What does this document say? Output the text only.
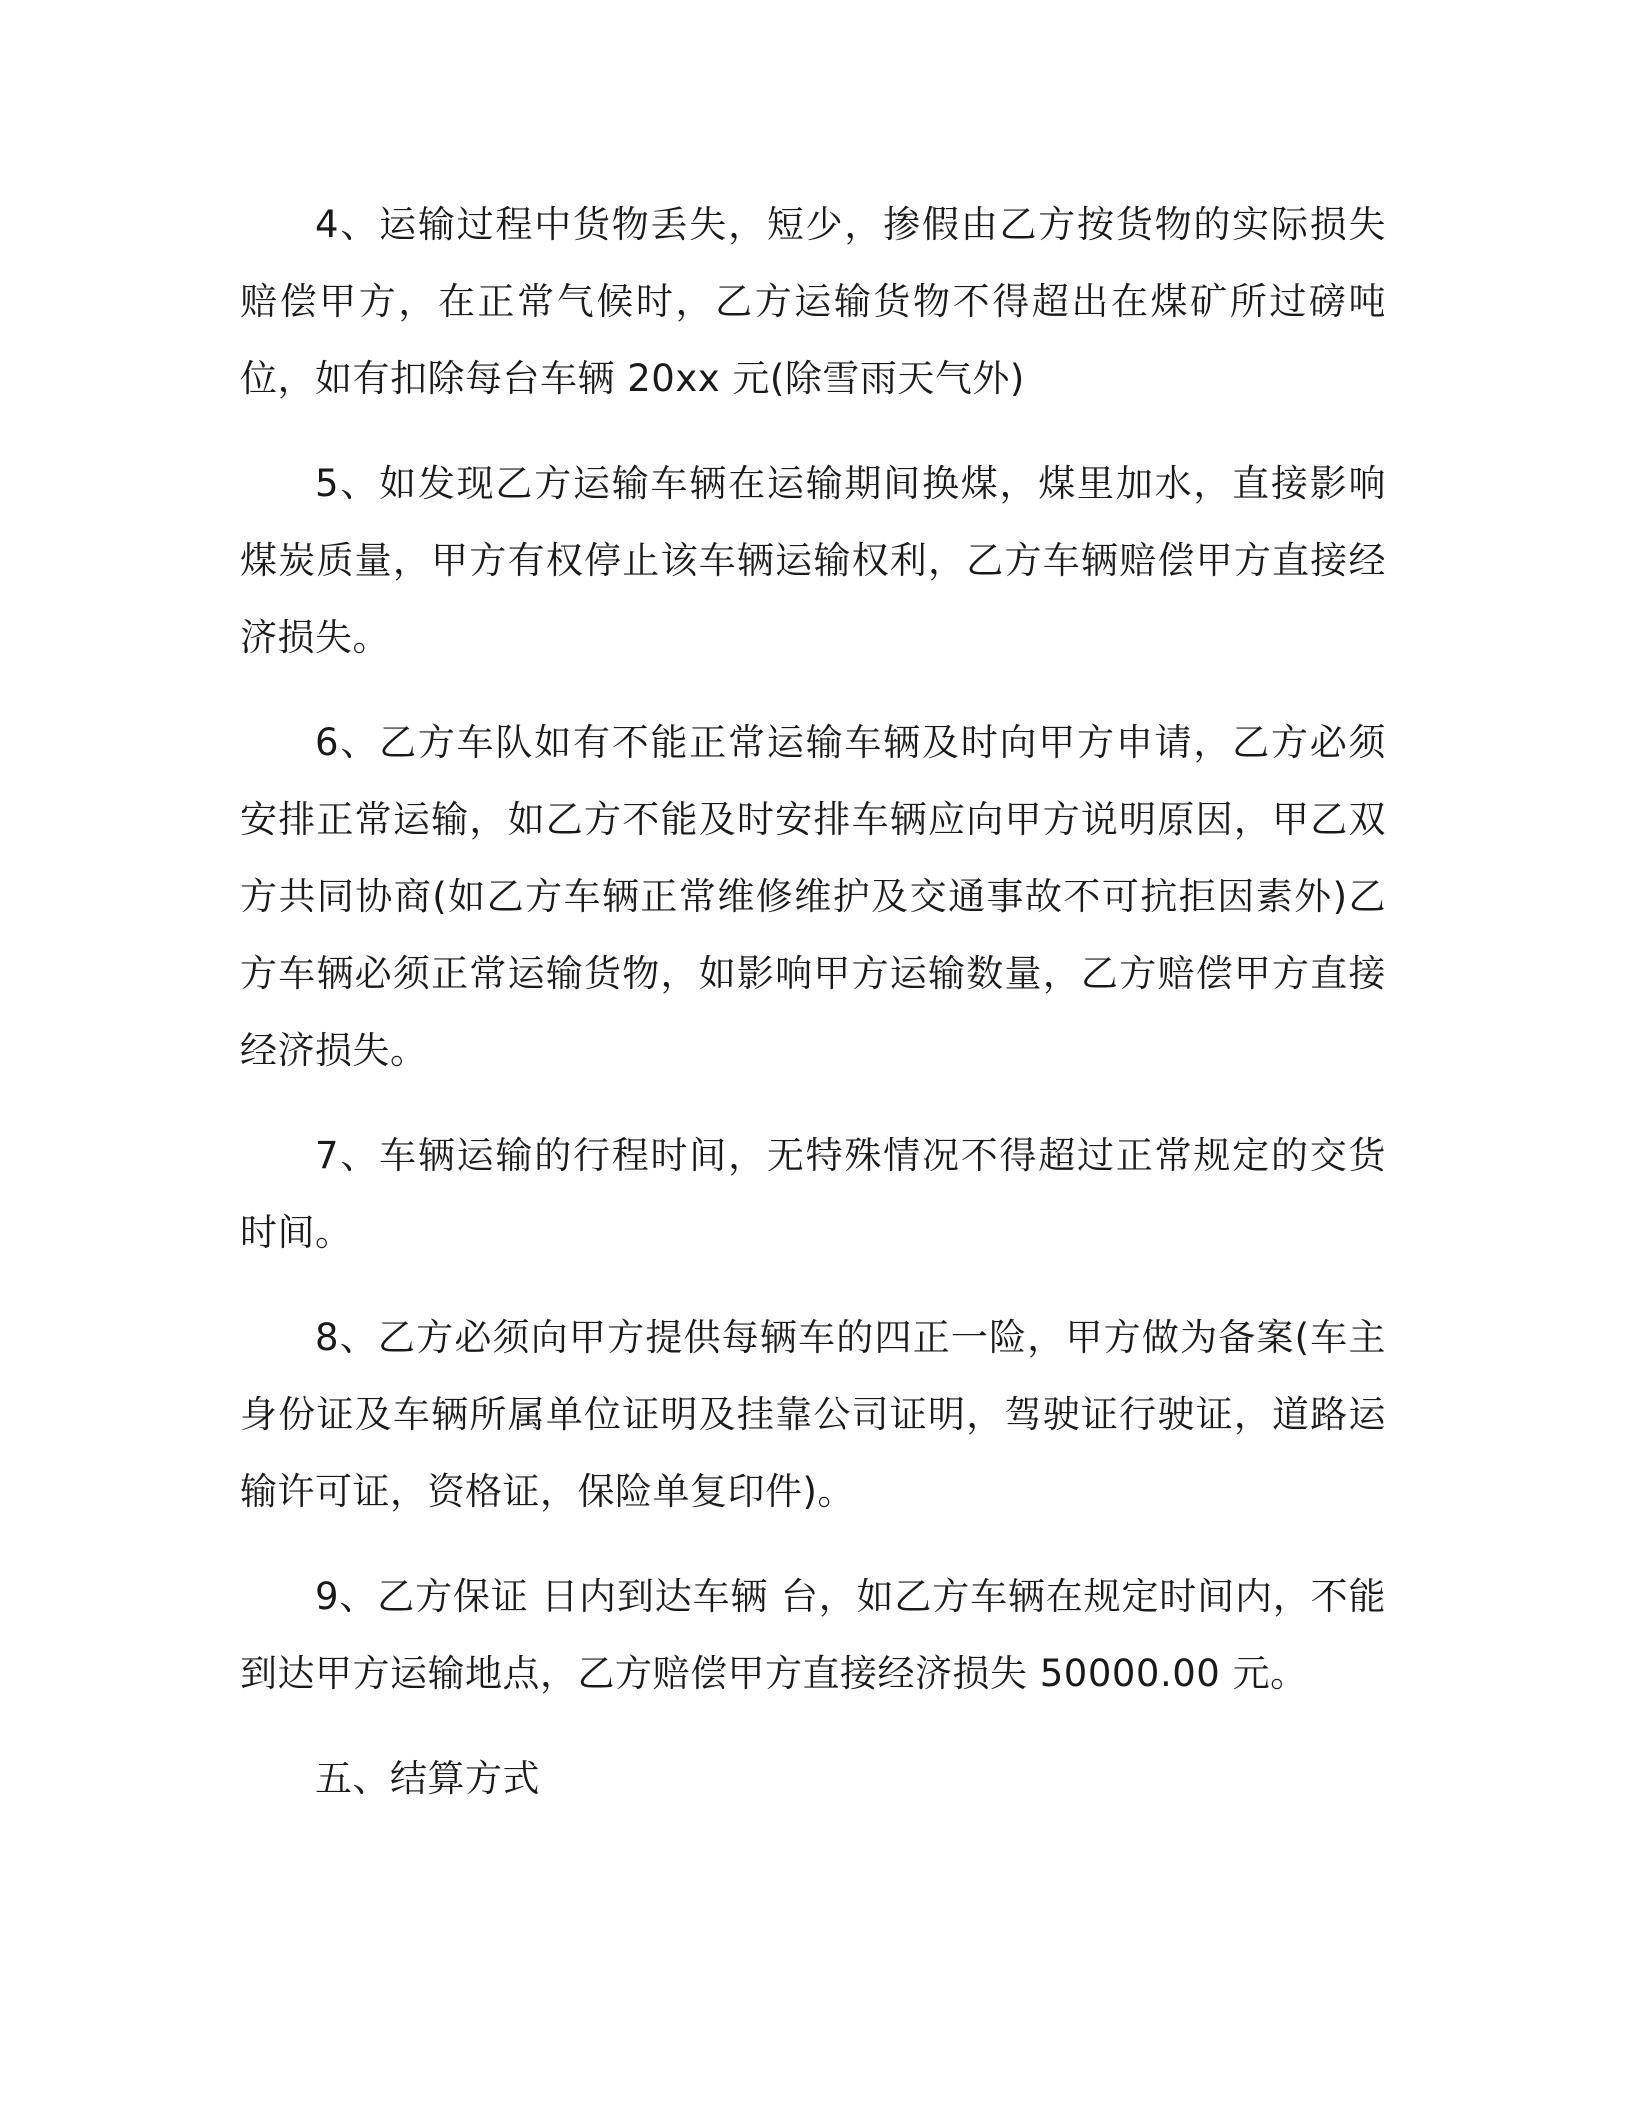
4、运输过程中货物丢失，短少，掺假由乙方按货物的实际损失赔偿甲方，在正常气候时，乙方运输货物不得超出在煤矿所过磅吨位，如有扣除每台车辆 20xx 元(除雪雨天气外)

5、如发现乙方运输车辆在运输期间换煤，煤里加水，直接影响煤炭质量，甲方有权停止该车辆运输权利，乙方车辆赔偿甲方直接经济损失。

6、乙方车队如有不能正常运输车辆及时向甲方申请，乙方必须安排正常运输，如乙方不能及时安排车辆应向甲方说明原因，甲乙双方共同协商(如乙方车辆正常维修维护及交通事故不可抗拒因素外)乙方车辆必须正常运输货物，如影响甲方运输数量，乙方赔偿甲方直接经济损失。

7、车辆运输的行程时间，无特殊情况不得超过正常规定的交货时间。

8、乙方必须向甲方提供每辆车的四正一险，甲方做为备案(车主身份证及车辆所属单位证明及挂靠公司证明，驾驶证行驶证，道路运输许可证，资格证，保险单复印件)。

9、乙方保证 日内到达车辆 台，如乙方车辆在规定时间内，不能到达甲方运输地点，乙方赔偿甲方直接经济损失 50000.00 元。

五、结算方式
